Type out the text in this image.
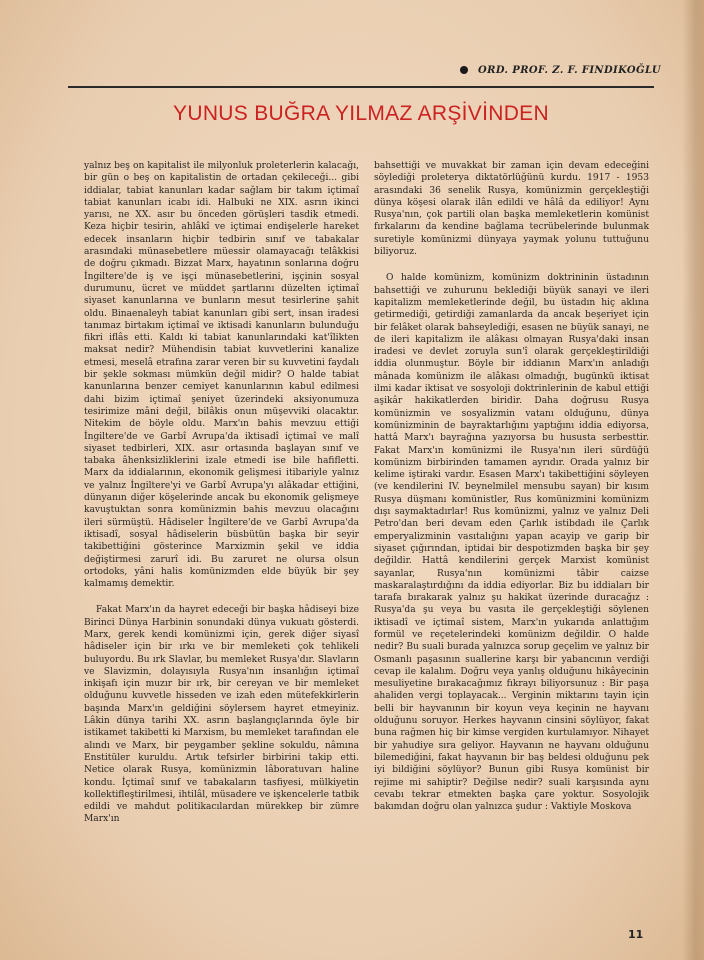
ORD. PROF. Z. F. FINDIKOĞLU
YUNUS BUĞRA YILMAZ ARŞİVİNDEN

yalnız beş on kapitalist ile milyonluk proleterlerin kalacağı, bir gün o beş on kapitalistin de ortadan çekileceği... gibi iddialar, tabiat kanunları kadar sağlam bir takım içtimaî tabiat kanunları icabı idi. Halbuki ne XIX. asrın ikinci yarısı, ne XX. asır bu önceden görüşleri tasdik etmedi. Keza hiçbir tesirin, ahlâkî ve içtimai endişelerle hareket edecek insanların hiçbir tedbirin sınıf ve tabakalar arasındaki münasebetlere müessir olamayacağı telâkkisi de doğru çıkmadı. Bizzat Marx, hayatının sonlarına doğru İngiltere'de iş ve işçi münasebetlerini, işçinin sosyal durumunu, ücret ve müddet şartlarını düzelten içtimaî siyaset kanunlarına ve bunların mesut tesirlerine şahit oldu. Binaenaleyh tabiat kanunları gibi sert, insan iradesi tanımaz birtakım içtimaî ve iktisadi kanunların bulunduğu fikri iflâs etti. Kaldı ki tabiat kanunlarındaki kat'îlikten maksat nedir? Mühendisin tabiat kuvvetlerini kanalize etmesi, meselâ etrafına zarar veren bir su kuvvetini faydalı bir şekle sokması mümkün değil midir? O halde tabiat kanunlarına benzer cemiyet kanunlarının kabul edilmesi dahi bizim içtimaî şeniyet üzerindeki aksiyonumuza tesirimize mâni değil, bilâkis onun müşevviki olacaktır. Nitekim de böyle oldu. Marx'ın bahis mevzuu ettiği İngiltere'de ve Garbî Avrupa'da iktisadî içtimaî ve malî siyaset tedbirleri, XIX. asır ortasında başlayan sınıf ve tabaka âhenksizliklerini izale etmedi ise bile hafifletti. Marx da iddialarının, ekonomik gelişmesi itibariyle yalnız ve yalnız İngiltere'yi ve Garbî Avrupa'yı alâkadar ettiğini, dünyanın diğer köşelerinde ancak bu ekonomik gelişmeye kavuştuktan sonra komünizmin bahis mevzuu olacağını ileri sürmüştü. Hâdiseler İngiltere'de ve Garbî Avrupa'da iktisadî, sosyal hâdiselerin büsbütün başka bir seyir takibettiğini gösterince Marxizmin şekil ve iddia değiştirmesi zarurî idi. Bu zaruret ne olursa olsun ortodoks, yâni halis komünizmden elde büyük bir şey kalmamış demektir.

Fakat Marx'ın da hayret edeceği bir başka hâdiseyi bize Birinci Dünya Harbinin sonundaki dünya vukuatı gösterdi. Marx, gerek kendi komünizmi için, gerek diğer siyasî hâdiseler için bir ırkı ve bir memleketi çok tehlikeli buluyordu. Bu ırk Slavlar, bu memleket Rusya'dır. Slavların ve Slavizmin, dolayısıyla Rusya'nın insanlığın içtimaî inkişafı için muzır bir ırk, bir cereyan ve bir memleket olduğunu kuvvetle hisseden ve izah eden mütefekkirlerin başında Marx'ın geldiğini söylersem hayret etmeyiniz. Lâkin dünya tarihi XX. asrın başlangıçlarında öyle bir istikamet takibetti ki Marxism, bu memleket tarafından ele alındı ve Marx, bir peygamber şekline sokuldu, nâmına Enstitüler kuruldu. Artık tefsirler birbirini takip etti. Netice olarak Rusya, komünizmin lâboratuvarı haline kondu. İçtimaî sınıf ve tabakaların tasfiyesi, mülkiyetin kollektifleştirilmesi, ihtilâl, müsadere ve işkencelerle tatbik edildi ve mahdut politikacılardan mürekkep bir zümre Marx'ın

bahsettiği ve muvakkat bir zaman için devam edeceğini söylediği proleterya diktatörlüğünü kurdu. 1917 - 1953 arasındaki 36 senelik Rusya, komünizmin gerçekleştiği dünya köşesi olarak ilân edildi ve hâlâ da ediliyor! Aynı Rusya'nın, çok partili olan başka memleketlerin komünist fırkalarını da kendine bağlama tecrübelerinde bulunmak suretiyle komünizmi dünyaya yaymak yolunu tuttuğunu biliyoruz.

O halde komünizm, komünizm doktrininin üstadının bahsettiği ve zuhurunu beklediği büyük sanayi ve ileri kapitalizm memleketlerinde değil, bu üstadın hiç aklına getirmediği, getirdiği zamanlarda da ancak beşeriyet için bir felâket olarak bahseylediği, esasen ne büyük sanayi, ne de ileri kapitalizm ile alâkası olmayan Rusya'daki insan iradesi ve devlet zoruyla sun'î olarak gerçekleştirildiği iddia olunmuştur. Böyle bir iddianın Marx'ın anladığı mânada komünizm ile alâkası olmadığı, bugünkü iktisat ilmi kadar iktisat ve sosyoloji doktrinlerinin de kabul ettiği aşikâr hakikatlerden biridir. Daha doğrusu Rusya komünizmin ve sosyalizmin vatanı olduğunu, dünya komünizminin de bayraktarlığını yaptığını iddia ediyorsa, hattâ Marx'ı bayrağına yazıyorsa bu hususta serbesttir. Fakat Marx'ın komünizmi ile Rusya'nın ileri sürdüğü komünizm birbirinden tamamen ayrıdır. Orada yalnız bir kelime iştiraki vardır. Esasen Marx'ı takibettiğini söyleyen (ve kendilerini IV. beynelmilel mensubu sayan) bir kısım Rusya düşmanı komünistler, Rus komünizmini komünizm dışı saymaktadırlar! Rus komünizmi, yalnız ve yalnız Deli Petro'dan beri devam eden Çarlık istibdadı ile Çarlık emperyalizminin vasıtalığını yapan acayip ve garip bir siyaset çığırından, iptidai bir despotizmden başka bir şey değildir. Hattâ kendilerini gerçek Marxist komünist sayanlar, Rusya'nın komünizmi tâbir caizse maskaralaştırdığını da iddia ediyorlar. Biz bu iddiaları bir tarafa bırakarak yalnız şu hakikat üzerinde duracağız : Rusya'da şu veya bu vasıta ile gerçekleştiği söylenen iktisadî ve içtimaî sistem, Marx'ın yukarıda anlattığım formül ve reçetelerindeki komünizm değildir. O halde nedir? Bu suali burada yalnızca sorup geçelim ve yalnız bir Osmanlı paşasının suallerine karşı bir yabancının verdiği cevap ile kalalım. Doğru veya yanlış olduğunu hikâyecinin mesuliyetine bırakacağımız fıkrayı biliyorsunuz : Bir paşa ahaliden vergi toplayacak... Verginin miktarını tayin için belli bir hayvanının bir koyun veya keçinin ne hayvanı olduğunu soruyor. Herkes hayvanın cinsini söylüyor, fakat buna rağmen hiç bir kimse vergiden kurtulamıyor. Nihayet bir yahudiye sıra geliyor. Hayvanın ne hayvanı olduğunu bilemediğini, fakat hayvanın bir baş beldesi olduğunu pek iyi bildiğini söylüyor? Bunun gibi Rusya komünist bir rejime mi sahiptir? Değilse nedir? suali karşısında aynı cevabı tekrar etmekten başka çare yoktur. Sosyolojik bakımdan doğru olan yalnızca şudur : Vaktiyle Moskova

11
